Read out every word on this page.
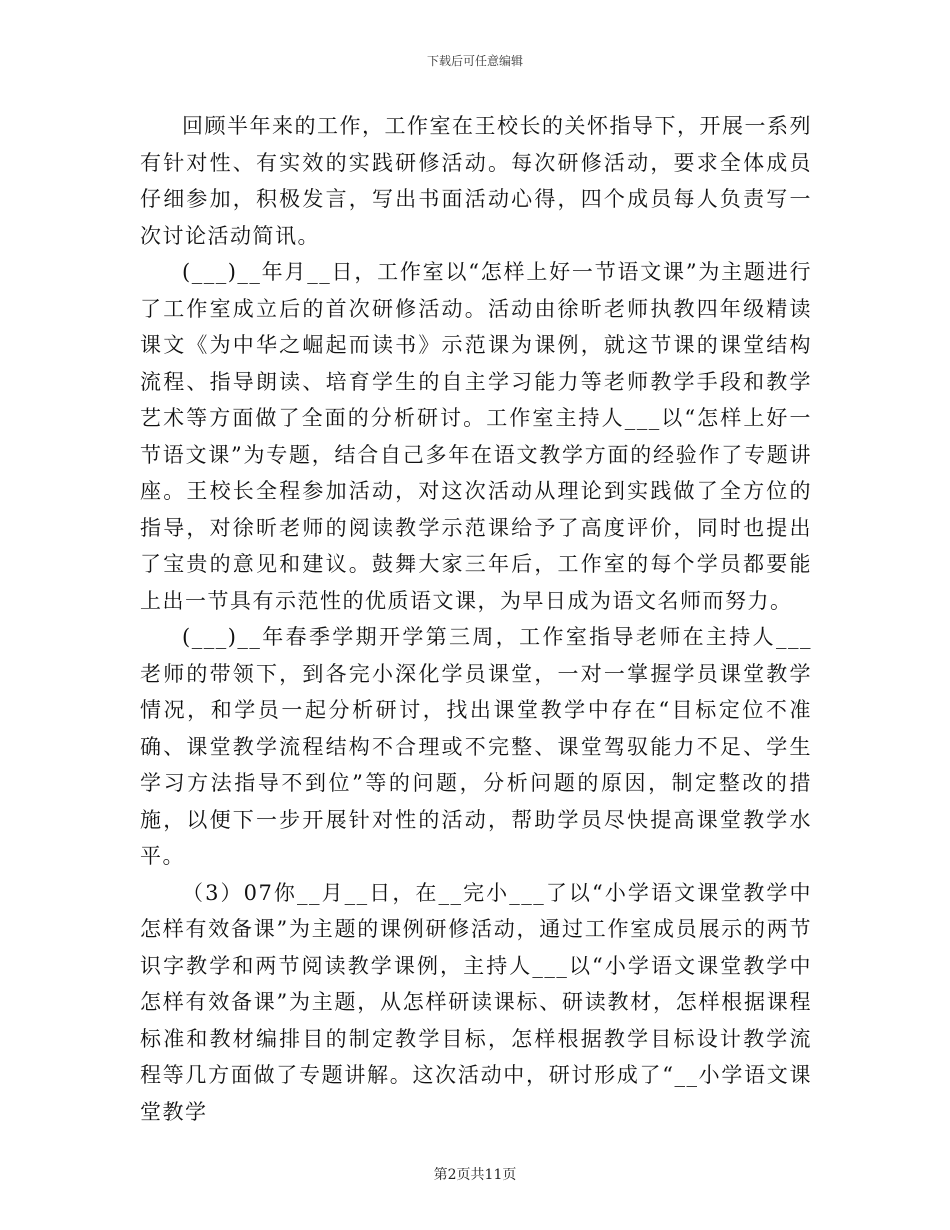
下载后可任意编辑

回顾半年来的工作，工作室在王校长的关怀指导下，开展一系列有针对性、有实效的实践研修活动。每次研修活动，要求全体成员仔细参加，积极发言，写出书面活动心得，四个成员每人负责写一次讨论活动简讯。

(___)__年月__日，工作室以“怎样上好一节语文课”为主题进行了工作室成立后的首次研修活动。活动由徐昕老师执教四年级精读课文《为中华之崛起而读书》示范课为课例，就这节课的课堂结构流程、指导朗读、培育学生的自主学习能力等老师教学手段和教学艺术等方面做了全面的分析研讨。工作室主持人___以“怎样上好一节语文课”为专题，结合自己多年在语文教学方面的经验作了专题讲座。王校长全程参加活动，对这次活动从理论到实践做了全方位的指导，对徐昕老师的阅读教学示范课给予了高度评价，同时也提出了宝贵的意见和建议。鼓舞大家三年后，工作室的每个学员都要能上出一节具有示范性的优质语文课，为早日成为语文名师而努力。

(___)__年春季学期开学第三周，工作室指导老师在主持人___老师的带领下，到各完小深化学员课堂，一对一掌握学员课堂教学情况，和学员一起分析研讨，找出课堂教学中存在“目标定位不准确、课堂教学流程结构不合理或不完整、课堂驾驭能力不足、学生学习方法指导不到位”等的问题，分析问题的原因，制定整改的措施，以便下一步开展针对性的活动，帮助学员尽快提高课堂教学水平。

（3）07你__月__日，在__完小___了以“小学语文课堂教学中怎样有效备课”为主题的课例研修活动，通过工作室成员展示的两节识字教学和两节阅读教学课例，主持人___以“小学语文课堂教学中怎样有效备课”为主题，从怎样研读课标、研读教材，怎样根据课程标准和教材编排目的制定教学目标，怎样根据教学目标设计教学流程等几方面做了专题讲解。这次活动中，研讨形成了“__小学语文课堂教学

第2页共11页
